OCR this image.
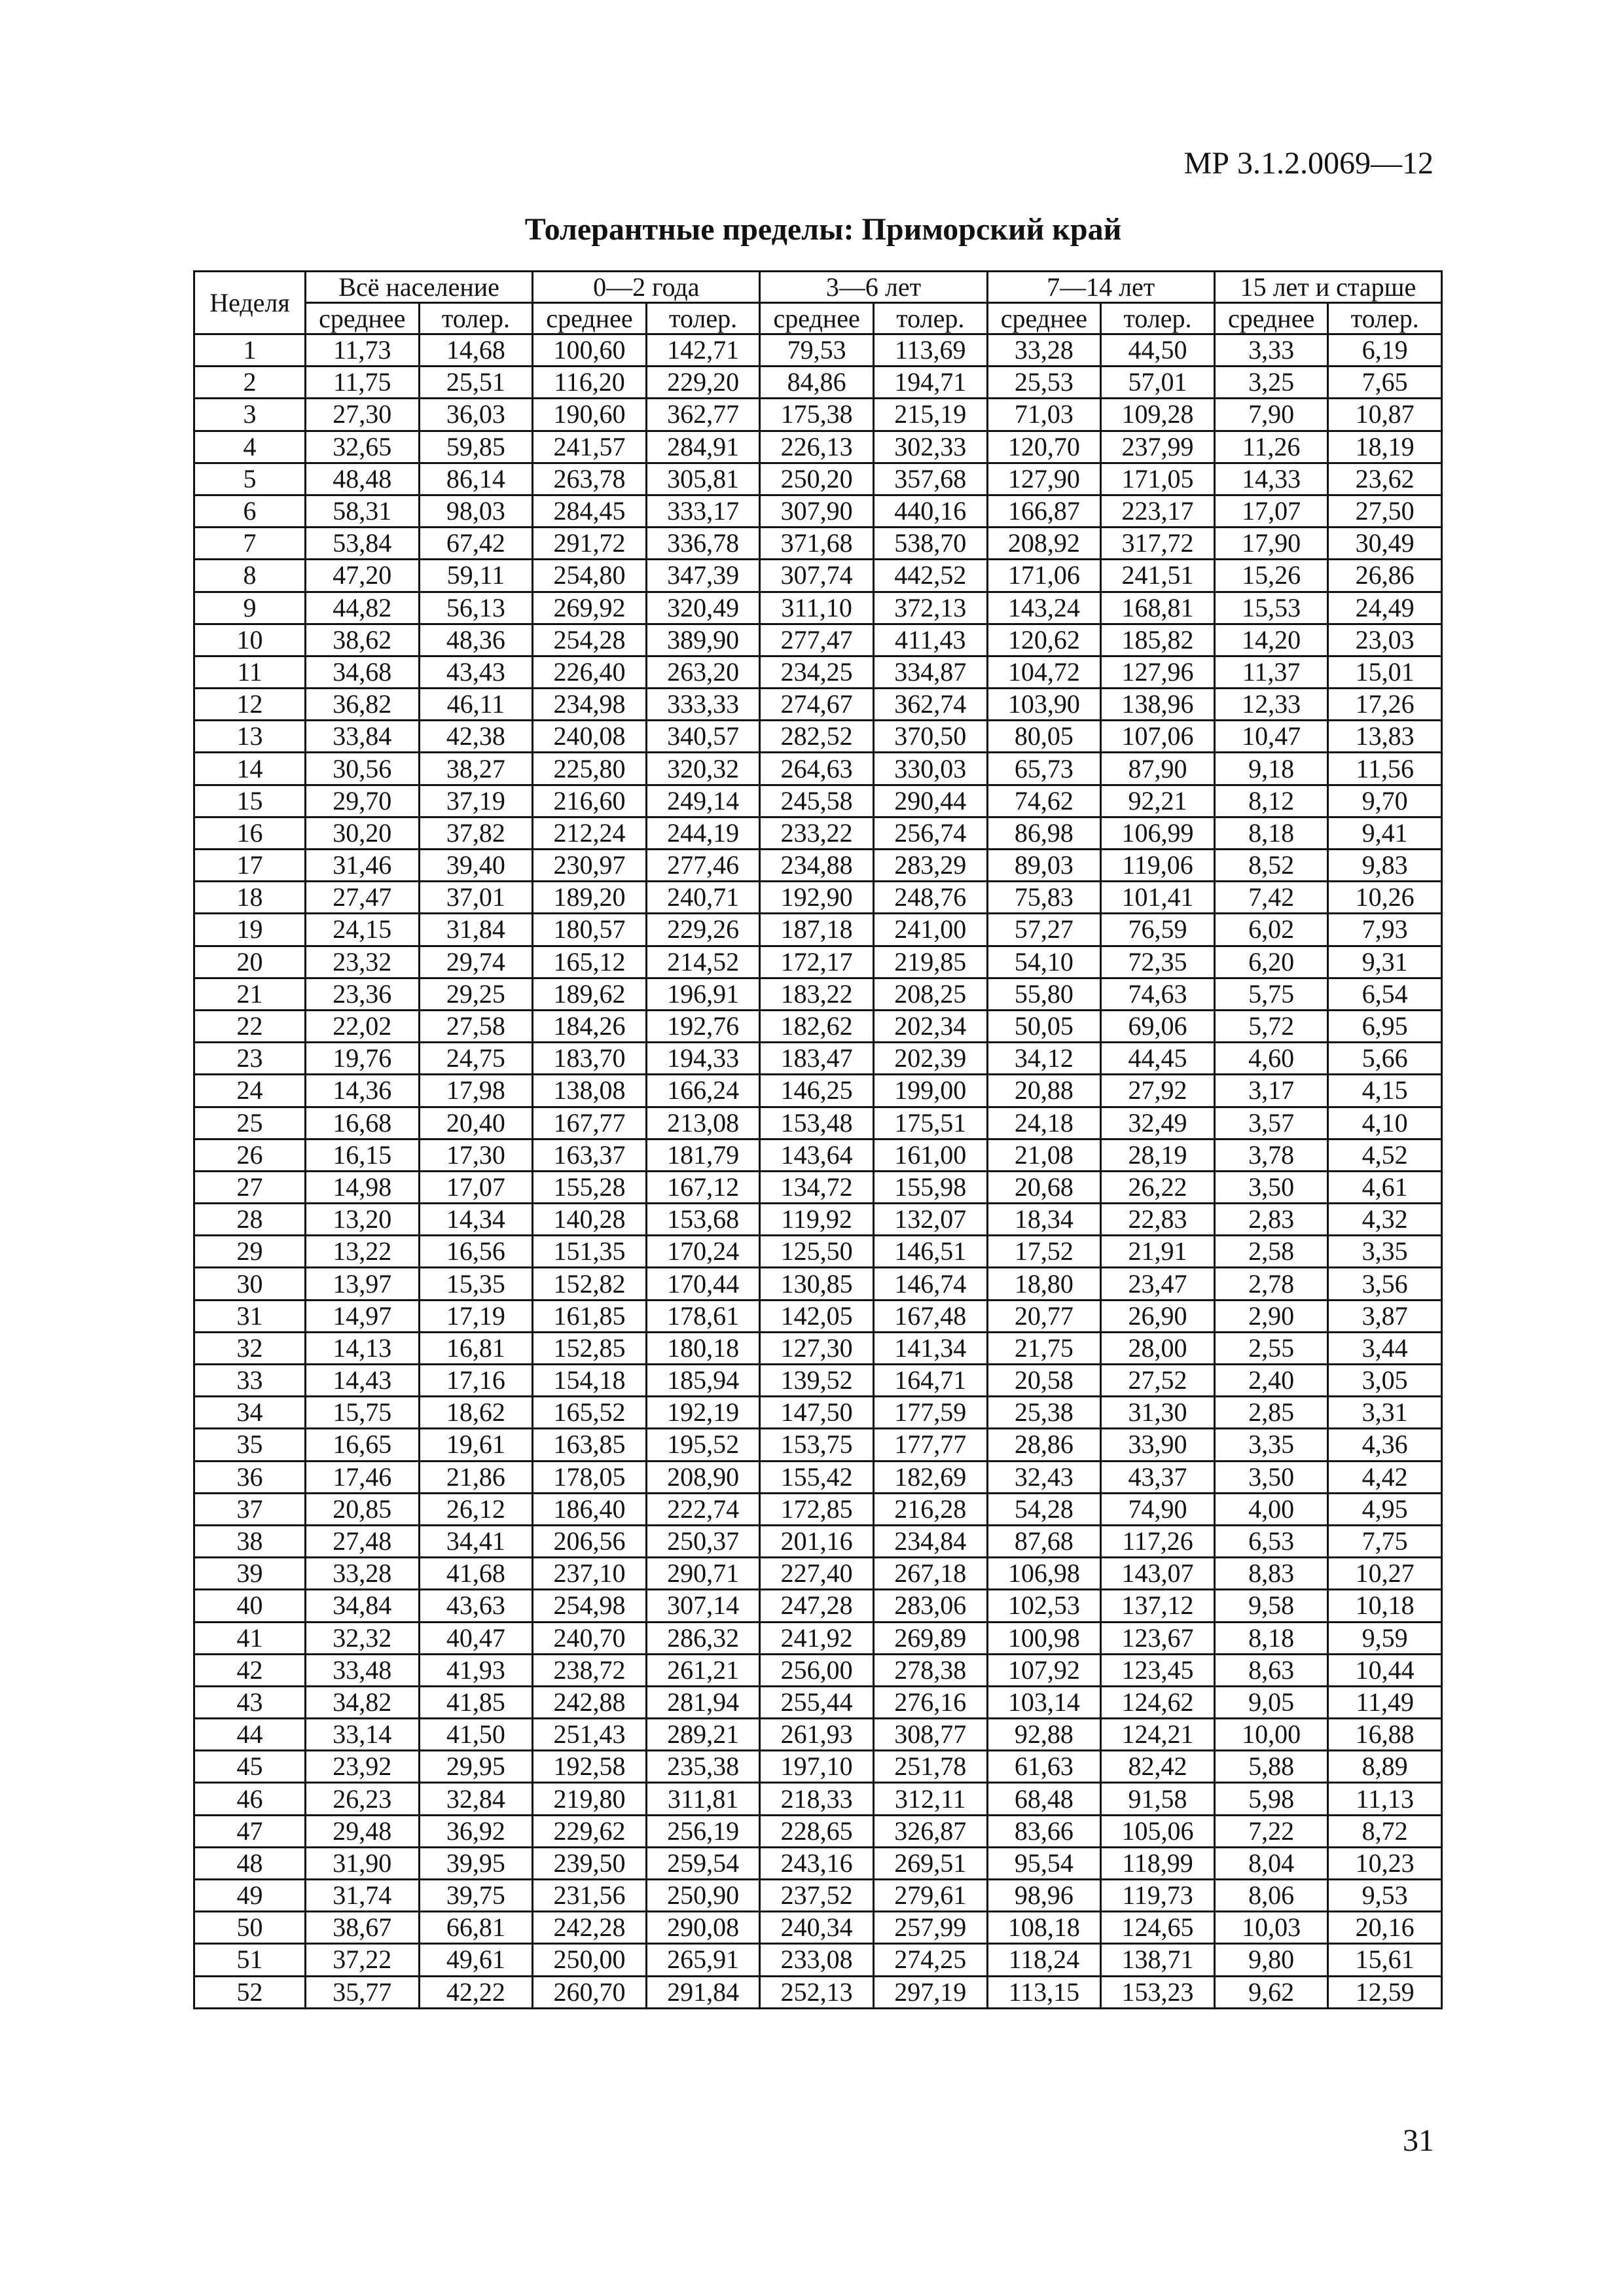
МР 3.1.2.0069—12
Толерантные пределы: Приморский край
Неделя	Всё население		0—2 года		3—6 лет		7—14 лет		15 лет и старше	
	среднее	толер.	среднее	толер.	среднее	толер.	среднее	толер.	среднее	толер.
1	11,73	14,68	100,60	142,71	79,53	113,69	33,28	44,50	3,33	6,19
2	11,75	25,51	116,20	229,20	84,86	194,71	25,53	57,01	3,25	7,65
3	27,30	36,03	190,60	362,77	175,38	215,19	71,03	109,28	7,90	10,87
4	32,65	59,85	241,57	284,91	226,13	302,33	120,70	237,99	11,26	18,19
5	48,48	86,14	263,78	305,81	250,20	357,68	127,90	171,05	14,33	23,62
6	58,31	98,03	284,45	333,17	307,90	440,16	166,87	223,17	17,07	27,50
7	53,84	67,42	291,72	336,78	371,68	538,70	208,92	317,72	17,90	30,49
8	47,20	59,11	254,80	347,39	307,74	442,52	171,06	241,51	15,26	26,86
9	44,82	56,13	269,92	320,49	311,10	372,13	143,24	168,81	15,53	24,49
10	38,62	48,36	254,28	389,90	277,47	411,43	120,62	185,82	14,20	23,03
11	34,68	43,43	226,40	263,20	234,25	334,87	104,72	127,96	11,37	15,01
12	36,82	46,11	234,98	333,33	274,67	362,74	103,90	138,96	12,33	17,26
13	33,84	42,38	240,08	340,57	282,52	370,50	80,05	107,06	10,47	13,83
14	30,56	38,27	225,80	320,32	264,63	330,03	65,73	87,90	9,18	11,56
15	29,70	37,19	216,60	249,14	245,58	290,44	74,62	92,21	8,12	9,70
16	30,20	37,82	212,24	244,19	233,22	256,74	86,98	106,99	8,18	9,41
17	31,46	39,40	230,97	277,46	234,88	283,29	89,03	119,06	8,52	9,83
18	27,47	37,01	189,20	240,71	192,90	248,76	75,83	101,41	7,42	10,26
19	24,15	31,84	180,57	229,26	187,18	241,00	57,27	76,59	6,02	7,93
20	23,32	29,74	165,12	214,52	172,17	219,85	54,10	72,35	6,20	9,31
21	23,36	29,25	189,62	196,91	183,22	208,25	55,80	74,63	5,75	6,54
22	22,02	27,58	184,26	192,76	182,62	202,34	50,05	69,06	5,72	6,95
23	19,76	24,75	183,70	194,33	183,47	202,39	34,12	44,45	4,60	5,66
24	14,36	17,98	138,08	166,24	146,25	199,00	20,88	27,92	3,17	4,15
25	16,68	20,40	167,77	213,08	153,48	175,51	24,18	32,49	3,57	4,10
26	16,15	17,30	163,37	181,79	143,64	161,00	21,08	28,19	3,78	4,52
27	14,98	17,07	155,28	167,12	134,72	155,98	20,68	26,22	3,50	4,61
28	13,20	14,34	140,28	153,68	119,92	132,07	18,34	22,83	2,83	4,32
29	13,22	16,56	151,35	170,24	125,50	146,51	17,52	21,91	2,58	3,35
30	13,97	15,35	152,82	170,44	130,85	146,74	18,80	23,47	2,78	3,56
31	14,97	17,19	161,85	178,61	142,05	167,48	20,77	26,90	2,90	3,87
32	14,13	16,81	152,85	180,18	127,30	141,34	21,75	28,00	2,55	3,44
33	14,43	17,16	154,18	185,94	139,52	164,71	20,58	27,52	2,40	3,05
34	15,75	18,62	165,52	192,19	147,50	177,59	25,38	31,30	2,85	3,31
35	16,65	19,61	163,85	195,52	153,75	177,77	28,86	33,90	3,35	4,36
36	17,46	21,86	178,05	208,90	155,42	182,69	32,43	43,37	3,50	4,42
37	20,85	26,12	186,40	222,74	172,85	216,28	54,28	74,90	4,00	4,95
38	27,48	34,41	206,56	250,37	201,16	234,84	87,68	117,26	6,53	7,75
39	33,28	41,68	237,10	290,71	227,40	267,18	106,98	143,07	8,83	10,27
40	34,84	43,63	254,98	307,14	247,28	283,06	102,53	137,12	9,58	10,18
41	32,32	40,47	240,70	286,32	241,92	269,89	100,98	123,67	8,18	9,59
42	33,48	41,93	238,72	261,21	256,00	278,38	107,92	123,45	8,63	10,44
43	34,82	41,85	242,88	281,94	255,44	276,16	103,14	124,62	9,05	11,49
44	33,14	41,50	251,43	289,21	261,93	308,77	92,88	124,21	10,00	16,88
45	23,92	29,95	192,58	235,38	197,10	251,78	61,63	82,42	5,88	8,89
46	26,23	32,84	219,80	311,81	218,33	312,11	68,48	91,58	5,98	11,13
47	29,48	36,92	229,62	256,19	228,65	326,87	83,66	105,06	7,22	8,72
48	31,90	39,95	239,50	259,54	243,16	269,51	95,54	118,99	8,04	10,23
49	31,74	39,75	231,56	250,90	237,52	279,61	98,96	119,73	8,06	9,53
50	38,67	66,81	242,28	290,08	240,34	257,99	108,18	124,65	10,03	20,16
51	37,22	49,61	250,00	265,91	233,08	274,25	118,24	138,71	9,80	15,61
52	35,77	42,22	260,70	291,84	252,13	297,19	113,15	153,23	9,62	12,59
31
